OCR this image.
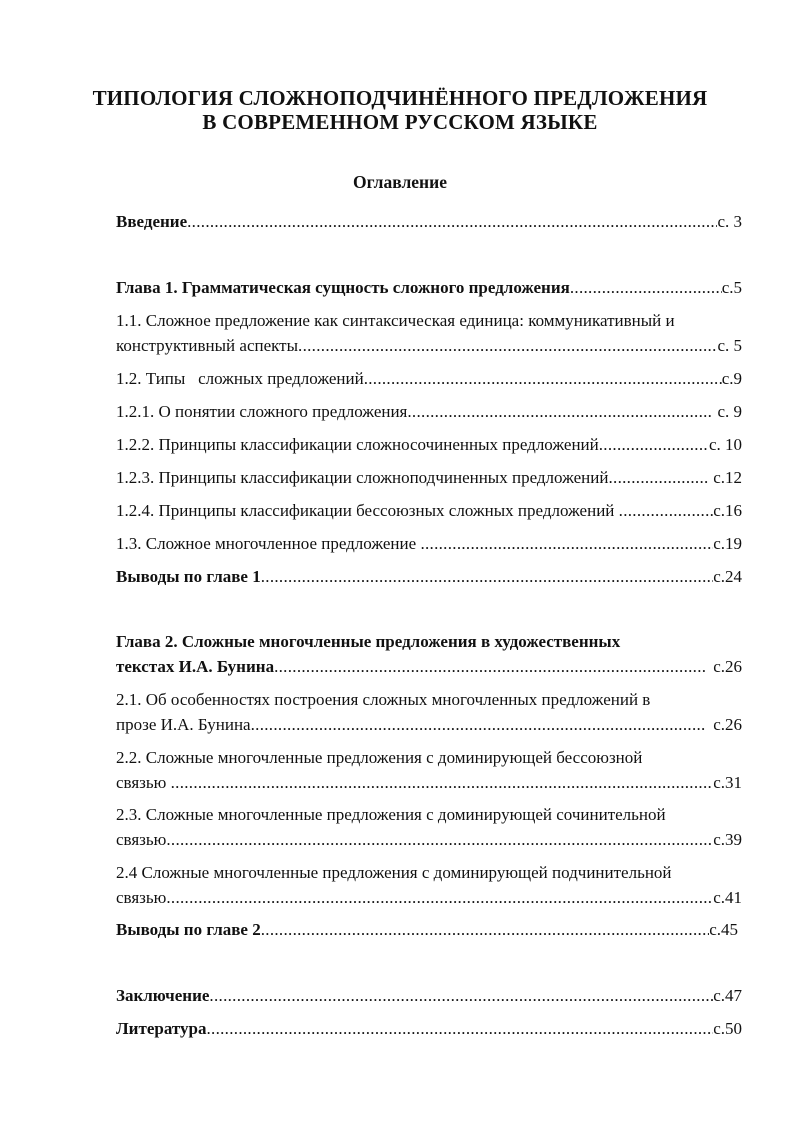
ТИПОЛОГИЯ СЛОЖНОПОДЧИНЁННОГО ПРЕДЛОЖЕНИЯ
В СОВРЕМЕННОМ РУССКОМ ЯЗЫКЕ
Оглавление
Введение .....	с. 3
Глава 1. Грамматическая сущность сложного предложения .....	с.5
1.1. Сложное предложение как синтаксическая единица: коммуникативный и
конструктивный аспекты .....	с. 5
1.2. Типы   сложных предложений .....	с.9
1.2.1. О понятии сложного предложения .....	с. 9
1.2.2. Принципы классификации сложносочиненных предложений .....	с. 10
1.2.3. Принципы классификации сложноподчиненных предложений .....	с.12
1.2.4. Принципы классификации бессоюзных сложных предложений .....	с.16
1.3. Сложное многочленное предложение .....	с.19
Выводы по главе 1 .....	с.24
Глава 2. Сложные многочленные предложения в художественных
текстах И.А. Бунина .....	с.26
2.1. Об особенностях построения сложных многочленных предложений в
прозе И.А. Бунина .....	с.26
2.2. Сложные многочленные предложения с доминирующей бессоюзной
связью .....	с.31
2.3. Сложные многочленные предложения с доминирующей сочинительной
связью .....	с.39
2.4 Сложные многочленные предложения с доминирующей подчинительной
связью .....	с.41
Выводы по главе 2 .....	с.45
Заключение .....	с.47
Литература .....	с.50
